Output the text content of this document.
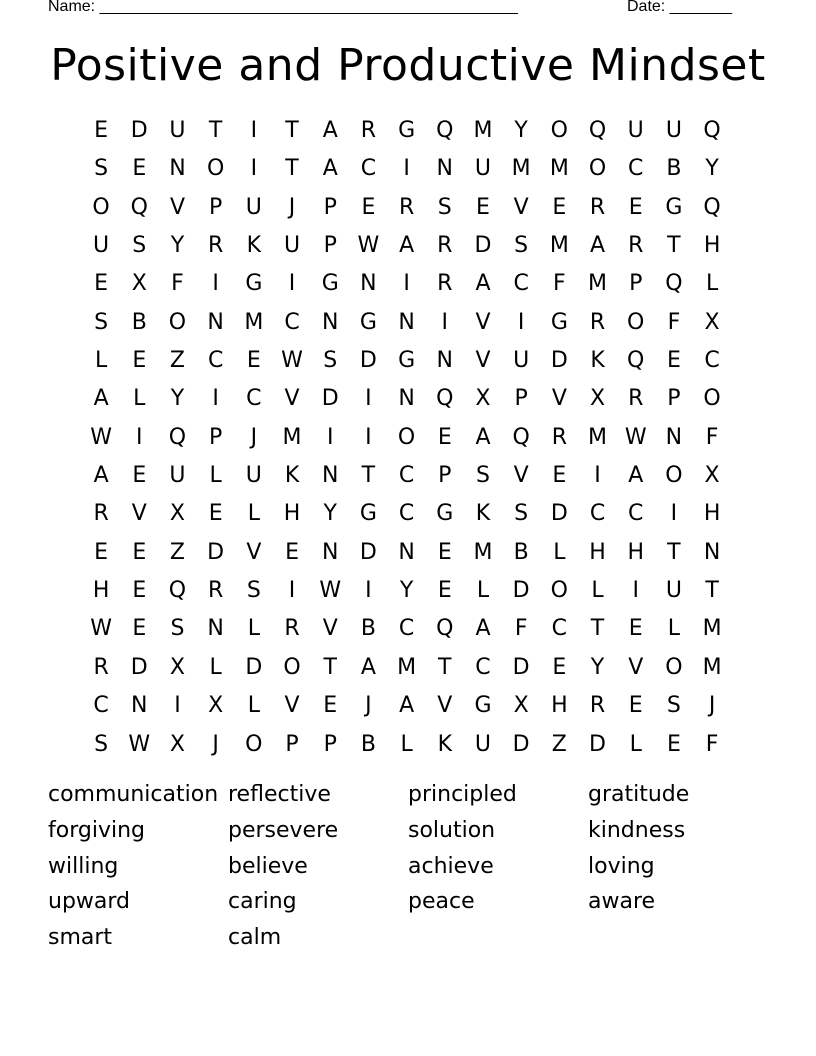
Name: _______________________________________________	Date: _______
Positive and Productive Mindset
E	D U	T	I	T	A	R	G Q M Y	O Q U	U Q
S	E	N O	I	T	A	C	I	N U M M O C	B	Y
O Q	V	P	U	J	P	E	R	S	E	V	E	R	E	G Q
U	S	Y	R	K	U	P W A	R	D	S M A	R	T	H
E	X	F	I	G	I	G N	I	R	A	C	F	M	P	Q	L
S	B O N M C	N G N	I	V	I	G	R O	F	X
L	E	Z	C	E W S	D G N	V	U D	K	Q	E	C
A	L	Y	I	C	V	D	I	N Q X	P	V	X	R	P	O
W	I	Q	P	J	M	I	I	O	E	A Q R M W N	F
A	E	U	L	U	K	N	T	C	P	S	V	E	I	A O X
R	V	X	E	L	H	Y	G C G	K	S	D	C	C	I	H
E	E	Z	D	V	E	N D N	E M B	L	H H	T	N
H	E	Q R	S	I	W	I	Y	E	L	D O	L	I	U	T
W E	S	N	L	R	V	B	C Q	A	F	C	T	E	L	M
R	D	X	L	D O	T	A M T	C	D	E	Y	V O M
C	N	I	X	L	V	E	J	A	V	G	X	H	R	E	S	J
S W X	J	O	P	P	B	L	K	U D	Z	D	L	E	F
communication reflective	principled	gratitude
forgiving	persevere	solution	kindness
willing	believe	achieve	loving
upward	caring	peace	aware
smart	calm
